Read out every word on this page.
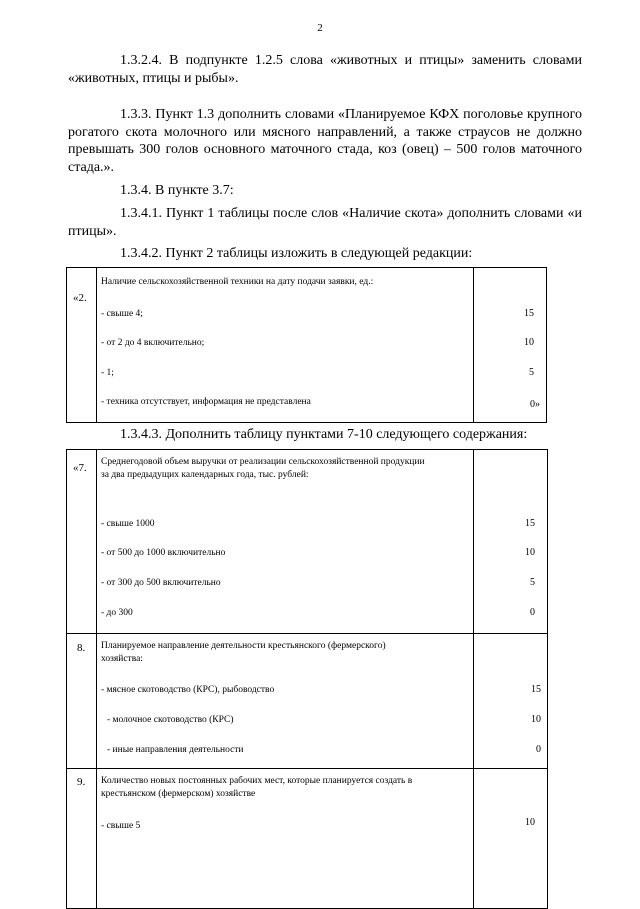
2

1.3.2.4. В подпункте 1.2.5 слова «животных и птицы» заменить словами «животных, птицы и рыбы».

1.3.3. Пункт 1.3 дополнить словами «Планируемое КФХ поголовье крупного рогатого скота молочного или мясного направлений, а также страусов не должно превышать 300 голов основного маточного стада, коз (овец) – 500 голов маточного стада.».

1.3.4. В пункте 3.7:

1.3.4.1. Пункт 1 таблицы после слов «Наличие скота» дополнить словами «и птицы».

1.3.4.2. Пункт 2 таблицы изложить в следующей редакции:

«2.
Наличие сельскохозяйственной техники на дату подачи заявки, ед.:
- свыше 4;	15
- от 2 до 4 включительно;	10
- 1;	5
- техника отсутствует, информация не представлена	0»

1.3.4.3. Дополнить таблицу пунктами 7-10 следующего содержания:

«7. Среднегодовой объем выручки от реализации сельскохозяйственной продукции
за два предыдущих календарных года, тыс. рублей:
- свыше 1000	15
- от 500 до 1000 включительно	10
- от 300 до 500 включительно	5
- до 300	0
8. Планируемое направление деятельности крестьянского (фермерского)
хозяйства:
- мясное скотоводство (КРС), рыбоводство	15
- молочное скотоводство (КРС)	10
- иные направления деятельности	0
9. Количество новых постоянных рабочих мест, которые планируется создать в
крестьянском (фермерском) хозяйстве
- свыше 5	10
